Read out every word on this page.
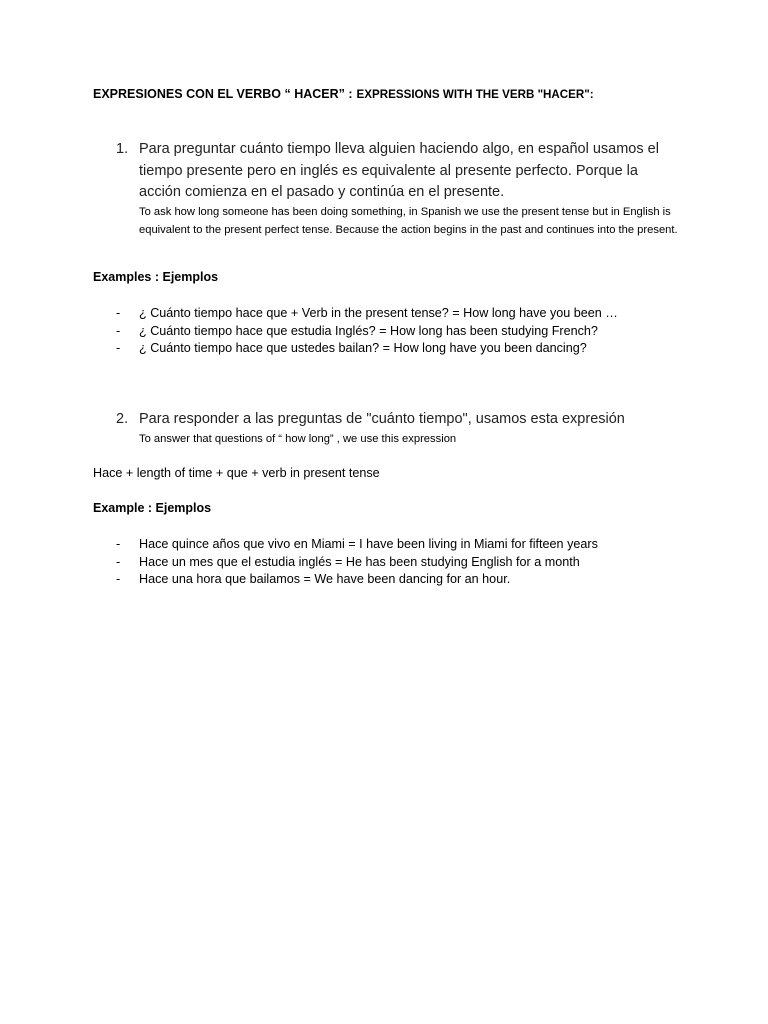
EXPRESIONES CON EL VERBO “ HACER” : EXPRESSIONS WITH THE VERB "HACER":
1. Para preguntar cuánto tiempo lleva alguien haciendo algo, en español usamos el tiempo presente pero en inglés es equivalente al presente perfecto. Porque la acción comienza en el pasado y continúa en el presente.
To ask how long someone has been doing something, in Spanish we use the present tense but in English is equivalent to the present perfect tense. Because the action begins in the past and continues into the present.
Examples : Ejemplos
- ¿ Cuánto tiempo hace que + Verb in the present tense? = How long have you been …
- ¿ Cuánto tiempo hace que estudia Inglés? = How long has been studying French?
- ¿ Cuánto tiempo hace que ustedes bailan? = How long have you been dancing?
2. Para responder a las preguntas de "cuánto tiempo", usamos esta expresión
To answer that questions of “ how long” , we use this expression
Hace + length of time + que + verb in present tense
Example : Ejemplos
- Hace quince años que vivo en Miami = I have been living in Miami for fifteen years
- Hace un mes que el estudia inglés = He has been studying English for a month
- Hace una hora que bailamos = We have been dancing for an hour.
